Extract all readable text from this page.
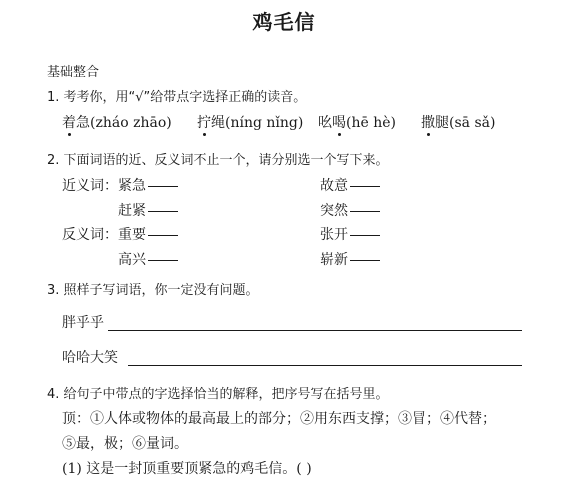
鸡毛信
基础整合
1. 考考你，用“√”给带点字选择正确的读音。
着急(zháo zhāo) 拧绳(níng nǐng) 吆喝(hē hè) 撒腿(sā sǎ)
2. 下面词语的近、反义词不止一个，请分别选一个写下来。
近义词：紧急	故意
赶紧	突然
反义词：重要	张开
高兴	崭新
3. 照样子写词语，你一定没有问题。
胖乎乎
哈哈大笑
4. 给句子中带点的字选择恰当的解释，把序号写在括号里。
顶：①人体或物体的最高最上的部分；②用东西支撑；③冒；④代替；
⑤最，极；⑥量词。
(1) 这是一封顶重要顶紧急的鸡毛信。( )
